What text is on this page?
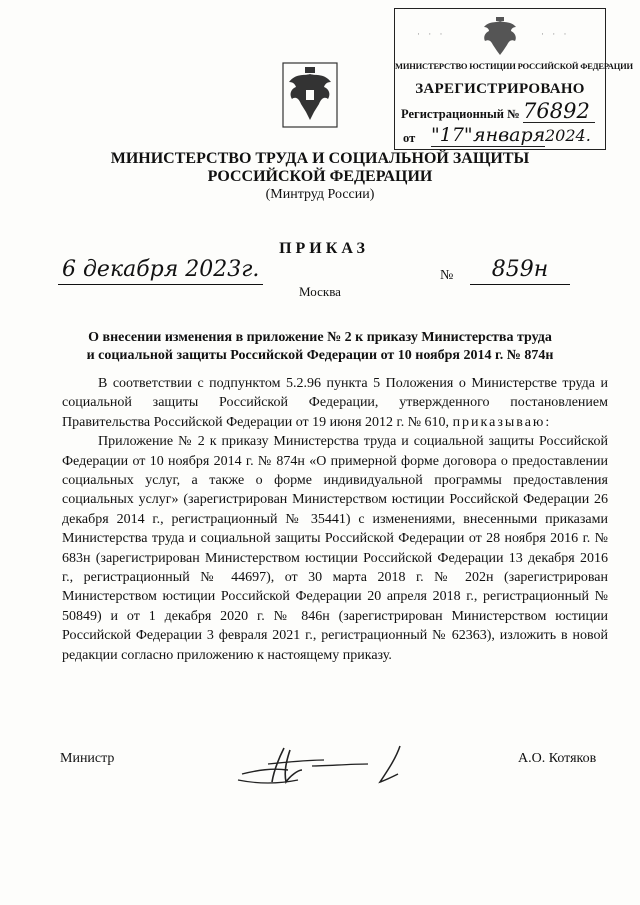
· · ·	· · ·
МИНИСТЕРСТВО ЮСТИЦИИ РОССИЙСКОЙ ФЕДЕРАЦИИ
ЗАРЕГИСТРИРОВАНО
Регистрационный № 76892
от "17" января 2024.
МИНИСТЕРСТВО ТРУДА И СОЦИАЛЬНОЙ ЗАЩИТЫ
РОССИЙСКОЙ ФЕДЕРАЦИИ
(Минтруд России)
ПРИКАЗ
6 декабря 2023г.	№	859н
Москва
О внесении изменения в приложение № 2 к приказу Министерства труда
и социальной защиты Российской Федерации от 10 ноября 2014 г. № 874н

В соответствии с подпунктом 5.2.96 пункта 5 Положения о Министерстве труда и социальной защиты Российской Федерации, утвержденного постановлением Правительства Российской Федерации от 19 июня 2012 г. № 610, приказываю:

Приложение № 2 к приказу Министерства труда и социальной защиты Российской Федерации от 10 ноября 2014 г. № 874н «О примерной форме договора о предоставлении социальных услуг, а также о форме индивидуальной программы предоставления социальных услуг» (зарегистрирован Министерством юстиции Российской Федерации 26 декабря 2014 г., регистрационный № 35441) с изменениями, внесенными приказами Министерства труда и социальной защиты Российской Федерации от 28 ноября 2016 г. № 683н (зарегистрирован Министерством юстиции Российской Федерации 13 декабря 2016 г., регистрационный № 44697), от 30 марта 2018 г. № 202н (зарегистрирован Министерством юстиции Российской Федерации 20 апреля 2018 г., регистрационный № 50849) и от 1 декабря 2020 г. № 846н (зарегистрирован Министерством юстиции Российской Федерации 3 февраля 2021 г., регистрационный № 62363), изложить в новой редакции согласно приложению к настоящему приказу.

Министр	А.О. Котяков
